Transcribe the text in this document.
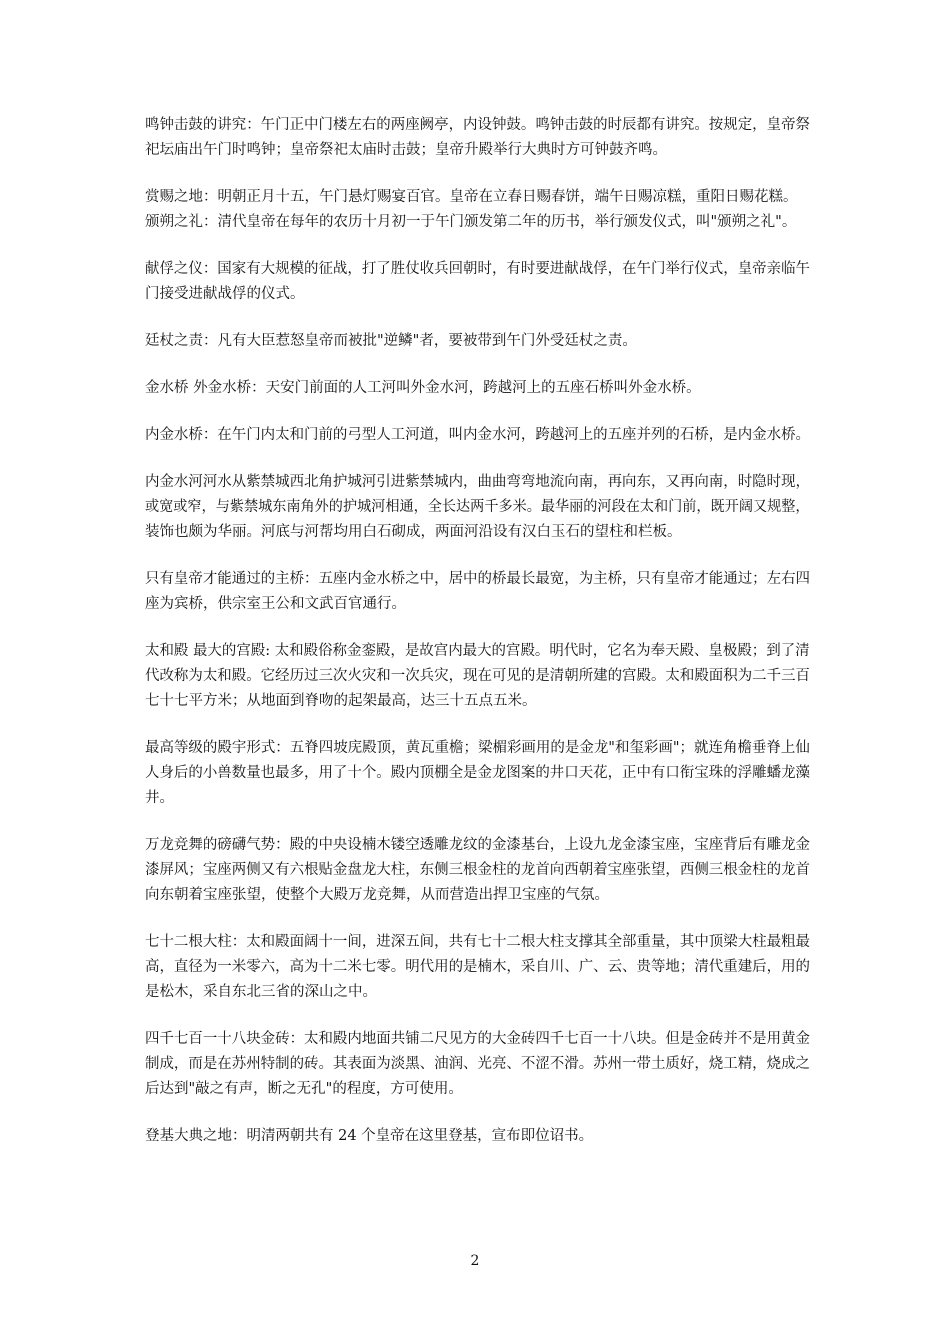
鸣钟击鼓的讲究：午门正中门楼左右的两座阙亭，内设钟鼓。鸣钟击鼓的时辰都有讲究。按规定，皇帝祭
祀坛庙出午门时鸣钟；皇帝祭祀太庙时击鼓；皇帝升殿举行大典时方可钟鼓齐鸣。
赏赐之地：明朝正月十五，午门悬灯赐宴百官。皇帝在立春日赐春饼，端午日赐凉糕，重阳日赐花糕。
颁朔之礼：清代皇帝在每年的农历十月初一于午门颁发第二年的历书，举行颁发仪式，叫"颁朔之礼"。
献俘之仪：国家有大规模的征战，打了胜仗收兵回朝时，有时要进献战俘，在午门举行仪式，皇帝亲临午
门接受进献战俘的仪式。
廷杖之责：凡有大臣惹怒皇帝而被批"逆鳞"者，要被带到午门外受廷杖之责。
金水桥 外金水桥：天安门前面的人工河叫外金水河，跨越河上的五座石桥叫外金水桥。
内金水桥：在午门内太和门前的弓型人工河道，叫内金水河，跨越河上的五座并列的石桥，是内金水桥。
内金水河河水从紫禁城西北角护城河引进紫禁城内，曲曲弯弯地流向南，再向东，又再向南，时隐时现，
或宽或窄，与紫禁城东南角外的护城河相通，全长达两千多米。最华丽的河段在太和门前，既开阔又规整，
装饰也颇为华丽。河底与河帮均用白石砌成，两面河沿设有汉白玉石的望柱和栏板。
只有皇帝才能通过的主桥：五座内金水桥之中，居中的桥最长最宽，为主桥，只有皇帝才能通过；左右四
座为宾桥，供宗室王公和文武百官通行。
太和殿 最大的宫殿: 太和殿俗称金銮殿，是故宫内最大的宫殿。明代时，它名为奉天殿、皇极殿；到了清
代改称为太和殿。它经历过三次火灾和一次兵灾，现在可见的是清朝所建的宫殿。太和殿面积为二千三百
七十七平方米；从地面到脊吻的起架最高，达三十五点五米。
最高等级的殿宇形式：五脊四坡庑殿顶，黄瓦重檐；梁楣彩画用的是金龙"和玺彩画"；就连角檐垂脊上仙
人身后的小兽数量也最多，用了十个。殿内顶棚全是金龙图案的井口天花，正中有口衔宝珠的浮雕蟠龙藻
井。
万龙竞舞的磅礴气势：殿的中央设楠木镂空透雕龙纹的金漆基台，上设九龙金漆宝座，宝座背后有雕龙金
漆屏风；宝座两侧又有六根贴金盘龙大柱，东侧三根金柱的龙首向西朝着宝座张望，西侧三根金柱的龙首
向东朝着宝座张望，使整个大殿万龙竞舞，从而营造出捍卫宝座的气氛。
七十二根大柱：太和殿面阔十一间，进深五间，共有七十二根大柱支撑其全部重量，其中顶梁大柱最粗最
高，直径为一米零六，高为十二米七零。明代用的是楠木，采自川、广、云、贵等地；清代重建后，用的
是松木，采自东北三省的深山之中。
四千七百一十八块金砖：太和殿内地面共铺二尺见方的大金砖四千七百一十八块。但是金砖并不是用黄金
制成，而是在苏州特制的砖。其表面为淡黑、油润、光亮、不涩不滑。苏州一带土质好，烧工精，烧成之
后达到"敲之有声，断之无孔"的程度，方可使用。
登基大典之地：明清两朝共有 24 个皇帝在这里登基，宣布即位诏书。
2
